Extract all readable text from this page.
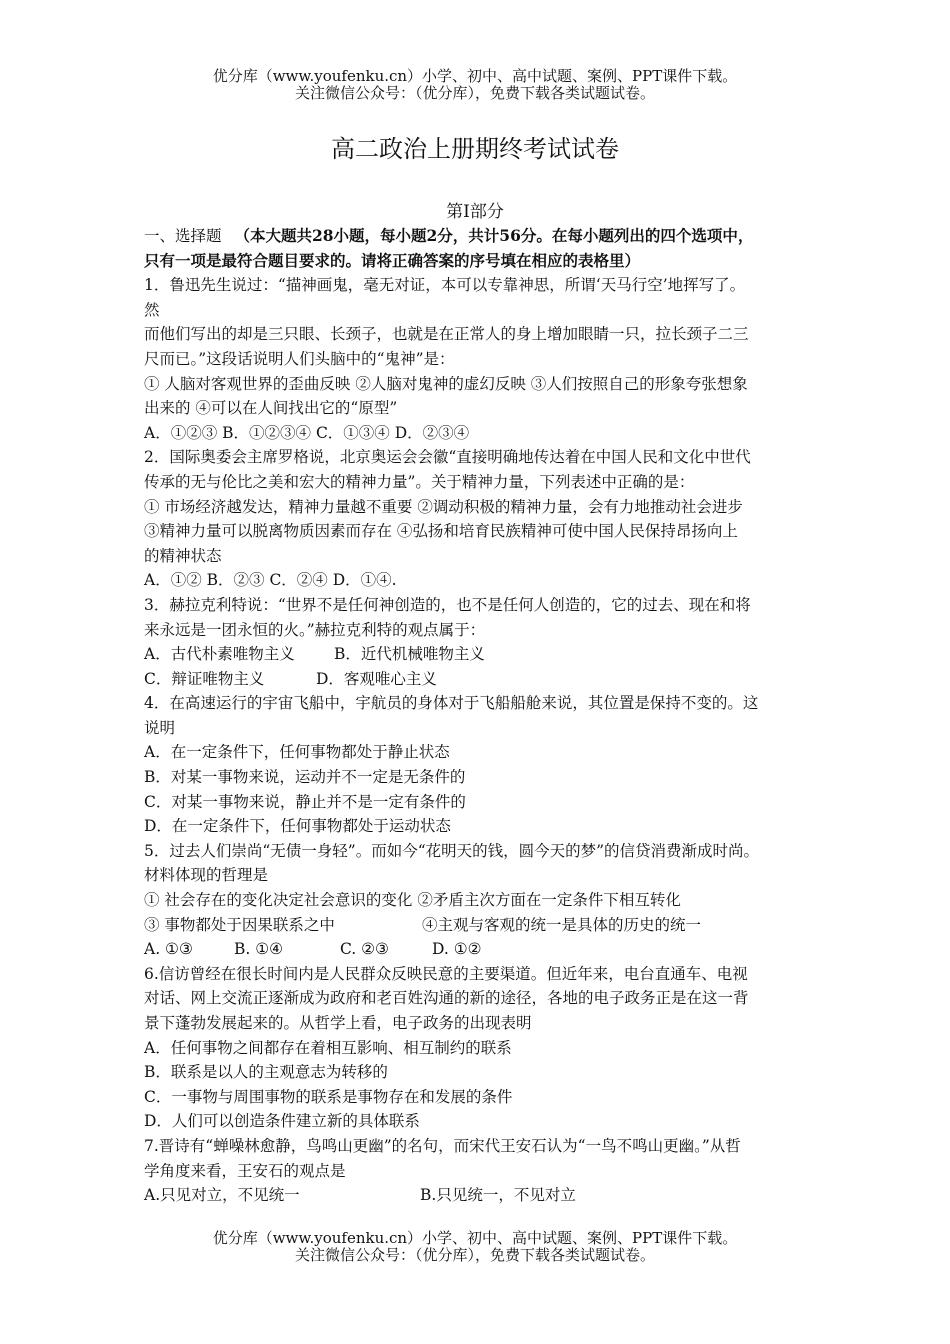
优分库（www.youfenku.cn）小学、初中、高中试题、案例、PPT课件下载。
关注微信公众号：（优分库），免费下载各类试题试卷。
高二政治上册期终考试试卷
第Ⅰ部分
一、选择题 （本大题共28小题，每小题2分，共计56分。在每小题列出的四个选项中，
只有一项是最符合题目要求的。请将正确答案的序号填在相应的表格里）
1．鲁迅先生说过：“描神画鬼，毫无对证，本可以专靠神思，所谓‘天马行空’地挥写了。
然
而他们写出的却是三只眼、长颈子，也就是在正常人的身上增加眼睛一只，拉长颈子二三
尺而已。”这段话说明人们头脑中的“鬼神”是：
① 人脑对客观世界的歪曲反映 ②人脑对鬼神的虚幻反映 ③人们按照自己的形象夸张想象
出来的 ④可以在人间找出它的“原型”
A．①②③ B．①②③④ C．①③④ D．②③④
2．国际奥委会主席罗格说，北京奥运会会徽“直接明确地传达着在中国人民和文化中世代
传承的无与伦比之美和宏大的精神力量”。关于精神力量，下列表述中正确的是：
① 市场经济越发达，精神力量越不重要 ②调动积极的精神力量，会有力地推动社会进步
③精神力量可以脱离物质因素而存在 ④弘扬和培育民族精神可使中国人民保持昂扬向上
的精神状态
A．①② B．②③ C．②④ D．①④.
3．赫拉克利特说：“世界不是任何神创造的，也不是任何人创造的，它的过去、现在和将
来永远是一团永恒的火。”赫拉克利特的观点属于：
A．古代朴素唯物主义	B．近代机械唯物主义
C．辩证唯物主义	D．客观唯心主义
4．在高速运行的宇宙飞船中，宇航员的身体对于飞船船舱来说，其位置是保持不变的。这
说明
A．在一定条件下，任何事物都处于静止状态
B．对某一事物来说，运动并不一定是无条件的
C．对某一事物来说，静止并不是一定有条件的
D．在一定条件下，任何事物都处于运动状态
5．过去人们崇尚“无债一身轻”。而如今“花明天的钱，圆今天的梦”的信贷消费渐成时尚。
材料体现的哲理是
① 社会存在的变化决定社会意识的变化 ②矛盾主次方面在一定条件下相互转化
③ 事物都处于因果联系之中	④主观与客观的统一是具体的历史的统一
A. ①③	B. ①④	C. ②③	D. ①②
6.信访曾经在很长时间内是人民群众反映民意的主要渠道。但近年来，电台直通车、电视
对话、网上交流正逐渐成为政府和老百姓沟通的新的途径，各地的电子政务正是在这一背
景下蓬勃发展起来的。从哲学上看，电子政务的出现表明
A．任何事物之间都存在着相互影响、相互制约的联系
B．联系是以人的主观意志为转移的
C．一事物与周围事物的联系是事物存在和发展的条件
D．人们可以创造条件建立新的具体联系
7.晋诗有“蝉噪林愈静，鸟鸣山更幽”的名句，而宋代王安石认为“一鸟不鸣山更幽。”从哲
学角度来看，王安石的观点是
A.只见对立，不见统一	B.只见统一，不见对立
优分库（www.youfenku.cn）小学、初中、高中试题、案例、PPT课件下载。
关注微信公众号：（优分库），免费下载各类试题试卷。
